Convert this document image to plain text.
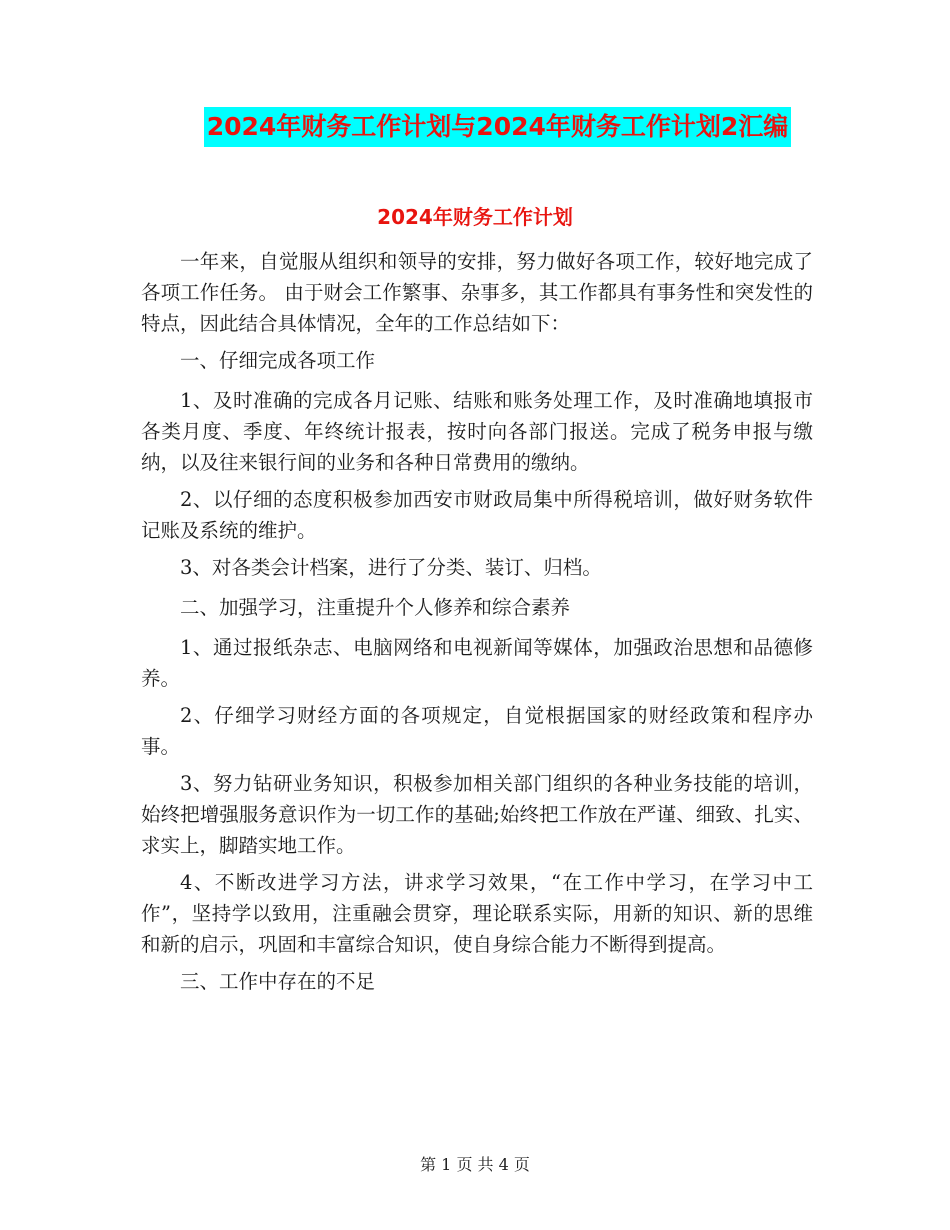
2024年财务工作计划与2024年财务工作计划2汇编
2024年财务工作计划

一年来，自觉服从组织和领导的安排，努力做好各项工作，较好地完成了各项工作任务。 由于财会工作繁事、杂事多，其工作都具有事务性和突发性的特点，因此结合具体情况，全年的工作总结如下：

一、仔细完成各项工作

1、及时准确的完成各月记账、结账和账务处理工作，及时准确地填报市各类月度、季度、年终统计报表，按时向各部门报送。完成了税务申报与缴纳，以及往来银行间的业务和各种日常费用的缴纳。

2、以仔细的态度积极参加西安市财政局集中所得税培训，做好财务软件记账及系统的维护。

3、对各类会计档案，进行了分类、装订、归档。

二、加强学习，注重提升个人修养和综合素养

1、通过报纸杂志、电脑网络和电视新闻等媒体，加强政治思想和品德修养。

2、仔细学习财经方面的各项规定，自觉根据国家的财经政策和程序办事。

3、努力钻研业务知识，积极参加相关部门组织的各种业务技能的培训，始终把增强服务意识作为一切工作的基础;始终把工作放在严谨、细致、扎实、求实上，脚踏实地工作。

4、不断改进学习方法，讲求学习效果，“在工作中学习，在学习中工作”，坚持学以致用，注重融会贯穿，理论联系实际，用新的知识、新的思维和新的启示，巩固和丰富综合知识，使自身综合能力不断得到提高。

三、工作中存在的不足

第 1 页 共 4 页
